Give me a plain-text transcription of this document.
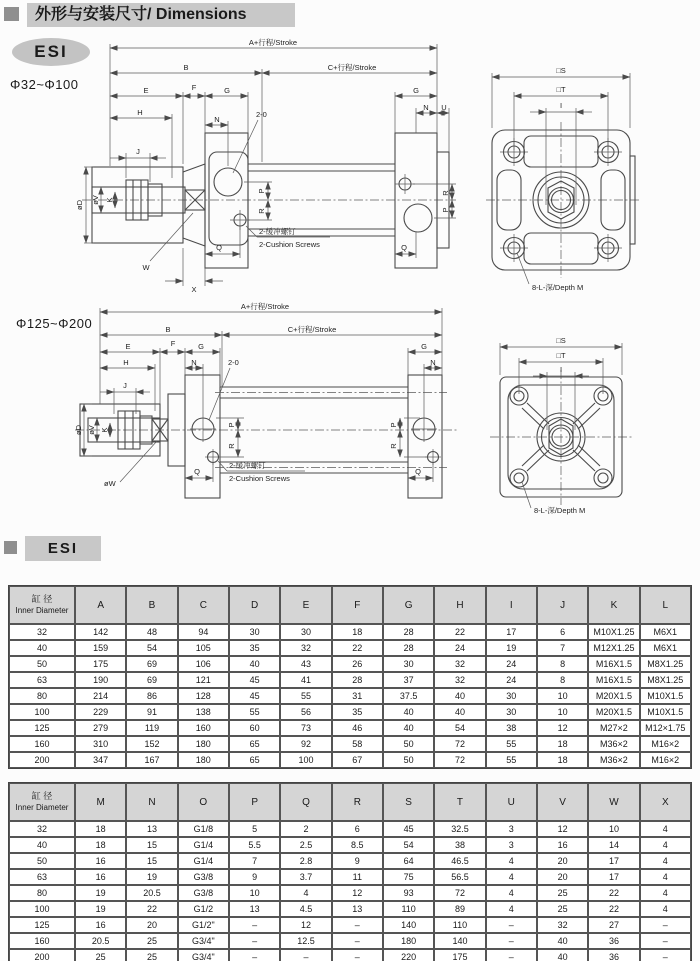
外形与安装尺寸/ Dimensions
ESI
Φ32~Φ100
Φ125~Φ200
A+行程/Stroke
B	C+行程/Stroke
E	F	G	G
H
N
N U
J
øD øV K
W
X
Q	Q
P
R
R
P
2-0
2-缓冲螺钉
2-Cushion Screws
□S
□T
I
8-L-深/Depth M
A+行程/Stroke
B	C+行程/Stroke
E	F	G	G
H	N	N
J
øD øV K
øW
P
R
P
R
Q	Q
2-0
2-缓冲螺钉
2-Cushion Screws
□S
□T
I
8-L-深/Depth M
ESI
缸 径
Inner Diameter	A	B	C	D	E	F	G	H	I	J	K	L
32	142	48	94	30	30	18	28	22	17	6	M10X1.25	M6X1
40	159	54	105	35	32	22	28	24	19	7	M12X1.25	M6X1
50	175	69	106	40	43	26	30	32	24	8	M16X1.5	M8X1.25
63	190	69	121	45	41	28	37	32	24	8	M16X1.5	M8X1.25
80	214	86	128	45	55	31	37.5	40	30	10	M20X1.5	M10X1.5
100	229	91	138	55	56	35	40	40	30	10	M20X1.5	M10X1.5
125	279	119	160	60	73	46	40	54	38	12	M27×2	M12×1.75
160	310	152	180	65	92	58	50	72	55	18	M36×2	M16×2
200	347	167	180	65	100	67	50	72	55	18	M36×2	M16×2
缸 径
Inner Diameter	M	N	O	P	Q	R	S	T	U	V	W	X
32	18	13	G1/8	5	2	6	45	32.5	3	12	10	4
40	18	15	G1/4	5.5	2.5	8.5	54	38	3	16	14	4
50	16	15	G1/4	7	2.8	9	64	46.5	4	20	17	4
63	16	19	G3/8	9	3.7	11	75	56.5	4	20	17	4
80	19	20.5	G3/8	10	4	12	93	72	4	25	22	4
100	19	22	G1/2	13	4.5	13	110	89	4	25	22	4
125	16	20	G1/2"	–	12	–	140	110	–	32	27	–
160	20.5	25	G3/4"	–	12.5	–	180	140	–	40	36	–
200	25	25	G3/4"	–	–	–	220	175	–	40	36	–
